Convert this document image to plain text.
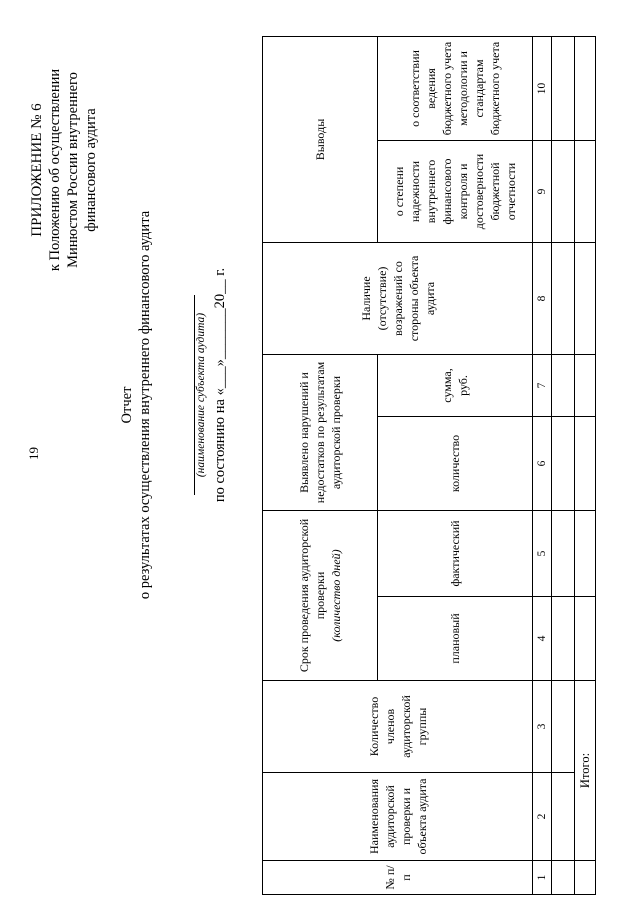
19
ПРИЛОЖЕНИЕ № 6 к Положению об осуществлении Минюстом России внутреннего финансового аудита
Отчет о результатах осуществления внутреннего финансового аудита	(наименование субъекта аудита) по состоянию на «___»_______20__ г.
№ п/п	Наименования аудиторской проверки и объекта аудита	Количество членов аудиторской группы	Срок проведения аудиторской проверки (количество дней)		Выявлено нарушений и недостатков по результатам аудиторской проверки		Наличие (отсутствие) возражений со стороны объекта аудита	Выводы	
			плановый	фактический	количество	сумма, руб.		о степени надежности внутреннего финансового контроля и достоверности бюджетной отчетности	о соответствии ведения бюджетного учета методологии и стандартам бюджетного учета
1	2	3	4	5	6	7	8	9	10

	Итого:								
